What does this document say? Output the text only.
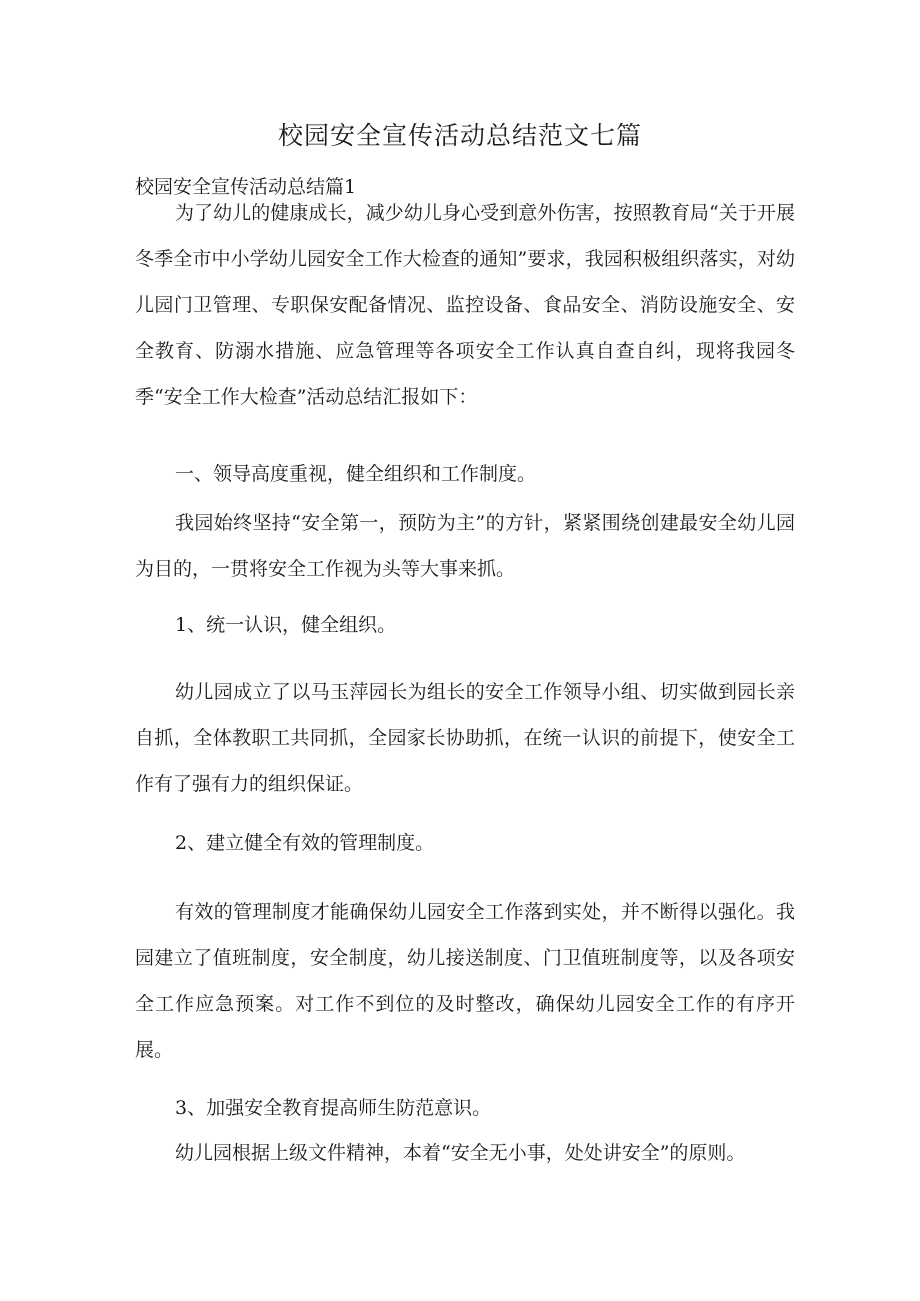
校园安全宣传活动总结范文七篇
校园安全宣传活动总结篇1

为了幼儿的健康成长，减少幼儿身心受到意外伤害，按照教育局“关于开展冬季全市中小学幼儿园安全工作大检查的通知”要求，我园积极组织落实，对幼儿园门卫管理、专职保安配备情况、监控设备、食品安全、消防设施安全、安全教育、防溺水措施、应急管理等各项安全工作认真自查自纠，现将我园冬季“安全工作大检查”活动总结汇报如下：

一、领导高度重视，健全组织和工作制度。

我园始终坚持“安全第一，预防为主”的方针，紧紧围绕创建最安全幼儿园为目的，一贯将安全工作视为头等大事来抓。

1、统一认识，健全组织。

幼儿园成立了以马玉萍园长为组长的安全工作领导小组、切实做到园长亲自抓，全体教职工共同抓，全园家长协助抓，在统一认识的前提下，使安全工作有了强有力的组织保证。

2、建立健全有效的管理制度。

有效的管理制度才能确保幼儿园安全工作落到实处，并不断得以强化。我园建立了值班制度，安全制度，幼儿接送制度、门卫值班制度等，以及各项安全工作应急预案。对工作不到位的及时整改，确保幼儿园安全工作的有序开展。

3、加强安全教育提高师生防范意识。

幼儿园根据上级文件精神，本着“安全无小事，处处讲安全”的原则。
